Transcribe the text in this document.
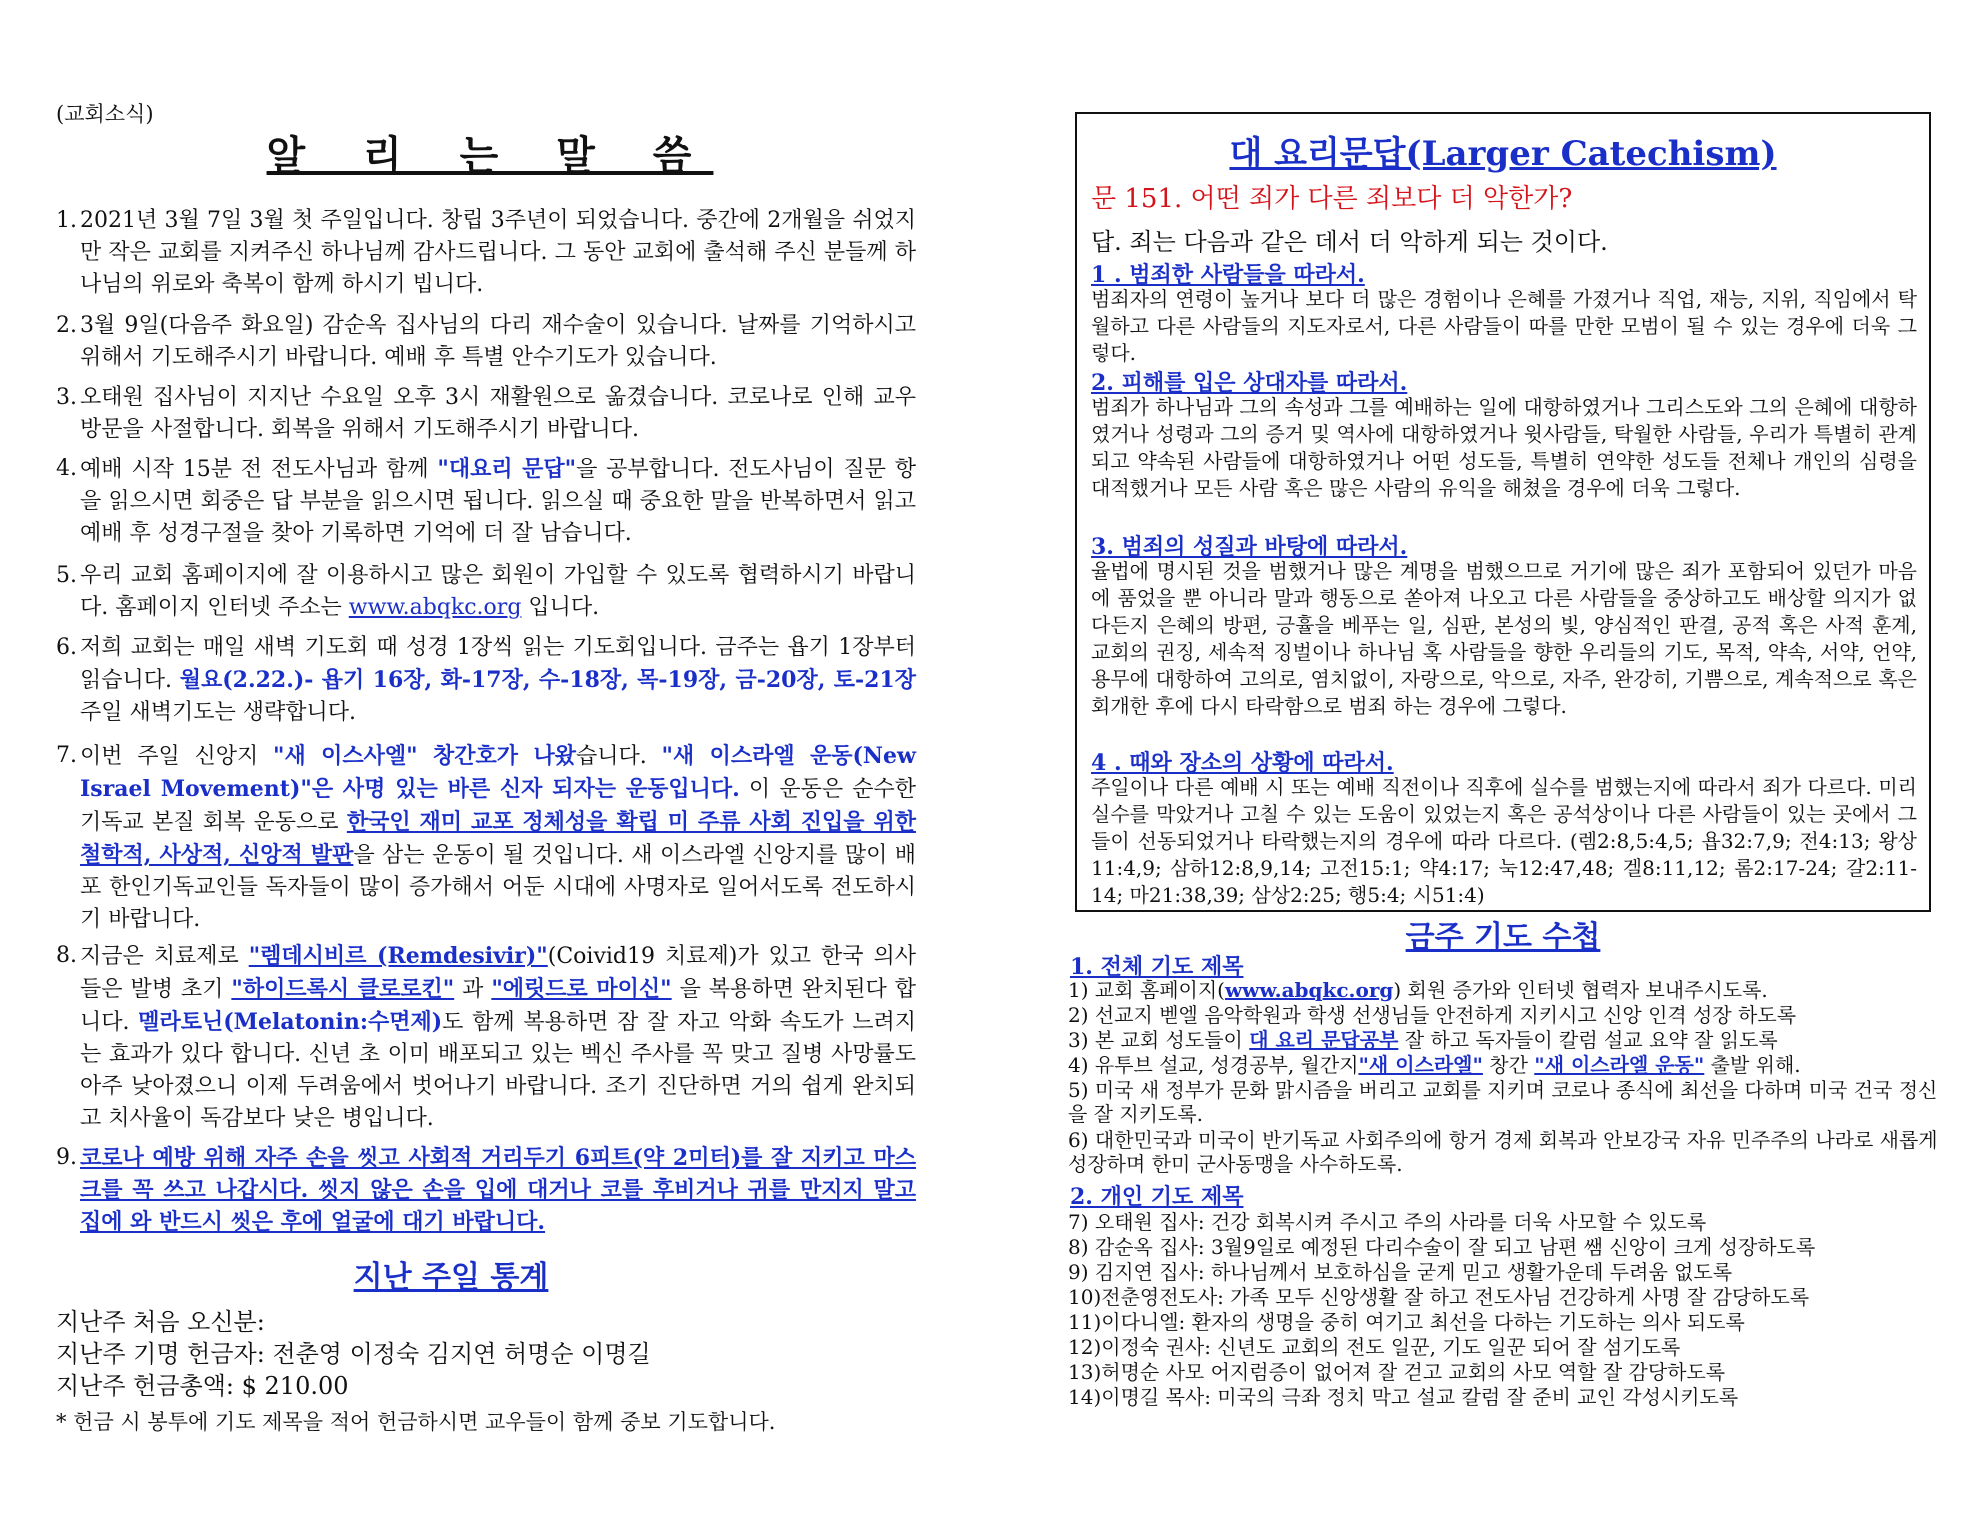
(교회소식)
알 리 는 말 씀
1. 2021년 3월 7일 3월 첫 주일입니다. 창립 3주년이 되었습니다. 중간에 2개월을 쉬었지만 작은 교회를 지켜주신 하나님께 감사드립니다. 그 동안 교회에 출석해 주신 분들께 하나님의 위로와 축복이 함께 하시기 빕니다.
2. 3월 9일(다음주 화요일) 감순옥 집사님의 다리 재수술이 있습니다. 날짜를 기억하시고 위해서 기도해주시기 바랍니다. 예배 후 특별 안수기도가 있습니다.
3. 오태원 집사님이 지지난 수요일 오후 3시 재활원으로 옮겼습니다. 코로나로 인해 교우 방문을 사절합니다. 회복을 위해서 기도해주시기 바랍니다.
4. 예배 시작 15분 전 전도사님과 함께 "대요리 문답"을 공부합니다. 전도사님이 질문 항을 읽으시면 회중은 답 부분을 읽으시면 됩니다. 읽으실 때 중요한 말을 반복하면서 읽고 예배 후 성경구절을 찾아 기록하면 기억에 더 잘 남습니다.
5. 우리 교회 홈페이지에 잘 이용하시고 많은 회원이 가입할 수 있도록 협력하시기 바랍니다. 홈페이지 인터넷 주소는 www.abqkc.org 입니다.
6. 저희 교회는 매일 새벽 기도회 때 성경 1장씩 읽는 기도회입니다. 금주는 욥기 1장부터 읽습니다. 월요(2.22.)- 욥기 16장, 화-17장, 수-18장, 목-19장, 금-20장, 토-21장 주일 새벽기도는 생략합니다.
7. 이번 주일 신앙지 "새 이스사엘" 창간호가 나왔습니다. "새 이스라엘 운동(New Israel Movement)"은 사명 있는 바른 신자 되자는 운동입니다. 이 운동은 순수한 기독교 본질 회복 운동으로 한국인 재미 교포 정체성을 확립 미 주류 사회 진입을 위한 철학적, 사상적, 신앙적 발판을 삼는 운동이 될 것입니다. 새 이스라엘 신앙지를 많이 배포 한인기독교인들 독자들이 많이 증가해서 어둔 시대에 사명자로 일어서도록 전도하시기 바랍니다.
8. 지금은 치료제로 "렘데시비르 (Remdesivir)"(Coivid19 치료제)가 있고 한국 의사들은 발병 초기 "하이드록시 클로로킨" 과 "에릿드로 마이신" 을 복용하면 완치된다 합니다. 멜라토닌(Melatonin:수면제)도 함께 복용하면 잠 잘 자고 악화 속도가 느려지는 효과가 있다 합니다. 신년 초 이미 배포되고 있는 벡신 주사를 꼭 맞고 질병 사망률도 아주 낮아졌으니 이제 두려움에서 벗어나기 바랍니다. 조기 진단하면 거의 쉽게 완치되고 치사율이 독감보다 낮은 병입니다.
9. 코로나 예방 위해 자주 손을 씻고 사회적 거리두기 6피트(약 2미터)를 잘 지키고 마스크를 꼭 쓰고 나갑시다. 씻지 않은 손을 입에 대거나 코를 후비거나 귀를 만지지 말고 집에 와 반드시 씻은 후에 얼굴에 대기 바랍니다.
지난 주일 통계
지난주 처음 오신분:
지난주 기명 헌금자: 전춘영 이정숙 김지연 허명순 이명길
지난주 헌금총액: $ 210.00
* 헌금 시 봉투에 기도 제목을 적어 헌금하시면 교우들이 함께 중보 기도합니다.
대 요리문답(Larger Catechism)
문 151. 어떤 죄가 다른 죄보다 더 악한가?
답. 죄는 다음과 같은 데서 더 악하게 되는 것이다.
1 . 범죄한 사람들을 따라서.
범죄자의 연령이 높거나 보다 더 많은 경험이나 은혜를 가졌거나 직업, 재능, 지위, 직임에서 탁월하고 다른 사람들의 지도자로서, 다른 사람들이 따를 만한 모범이 될 수 있는 경우에 더욱 그렇다.
2. 피해를 입은 상대자를 따라서.
범죄가 하나님과 그의 속성과 그를 예배하는 일에 대항하였거나 그리스도와 그의 은혜에 대항하였거나 성령과 그의 증거 및 역사에 대항하였거나 윗사람들, 탁월한 사람들, 우리가 특별히 관계되고 약속된 사람들에 대항하였거나 어떤 성도들, 특별히 연약한 성도들 전체나 개인의 심령을 대적했거나 모든 사람 혹은 많은 사람의 유익을 해쳤을 경우에 더욱 그렇다.
3. 범죄의 성질과 바탕에 따라서.
율법에 명시된 것을 범했거나 많은 계명을 범했으므로 거기에 많은 죄가 포함되어 있던가 마음에 품었을 뿐 아니라 말과 행동으로 쏟아져 나오고 다른 사람들을 중상하고도 배상할 의지가 없다든지 은혜의 방편, 긍휼을 베푸는 일, 심판, 본성의 빛, 양심적인 판결, 공적 혹은 사적 훈계, 교회의 권징, 세속적 징벌이나 하나님 혹 사람들을 향한 우리들의 기도, 목적, 약속, 서약, 언약, 용무에 대항하여 고의로, 염치없이, 자랑으로, 악으로, 자주, 완강히, 기쁨으로, 계속적으로 혹은 회개한 후에 다시 타락함으로 범죄 하는 경우에 그렇다.
4 . 때와 장소의 상황에 따라서.
주일이나 다른 예배 시 또는 예배 직전이나 직후에 실수를 범했는지에 따라서 죄가 다르다. 미리 실수를 막았거나 고칠 수 있는 도움이 있었는지 혹은 공석상이나 다른 사람들이 있는 곳에서 그들이 선동되었거나 타락했는지의 경우에 따라 다르다. (렘2:8,5:4,5; 욥32:7,9; 전4:13; 왕상11:4,9; 삼하12:8,9,14; 고전15:1; 약4:17; 눅12:47,48; 겔8:11,12; 롬2:17-24; 갈2:11-14; 마21:38,39; 삼상2:25; 행5:4; 시51:4)
금주 기도 수첩
1. 전체 기도 제목
1) 교회 홈페이지(www.abqkc.org) 회원 증가와 인터넷 협력자 보내주시도록.
2) 선교지 벧엘 음악학원과 학생 선생님들 안전하게 지키시고 신앙 인격 성장 하도록
3) 본 교회 성도들이 대 요리 문답공부 잘 하고 독자들이 칼럼 설교 요약 잘 읽도록
4) 유투브 설교, 성경공부, 월간지"새 이스라엘" 창간 "새 이스라엘 운동" 출발 위해.
5) 미국 새 정부가 문화 맑시즘을 버리고 교회를 지키며 코로나 종식에 최선을 다하며 미국 건국 정신을 잘 지키도록.
6) 대한민국과 미국이 반기독교 사회주의에 항거 경제 회복과 안보강국 자유 민주주의 나라로 새롭게 성장하며 한미 군사동맹을 사수하도록.
2. 개인 기도 제목
7) 오태원 집사: 건강 회복시켜 주시고 주의 사라를 더욱 사모할 수 있도록
8) 감순옥 집사: 3월9일로 예정된 다리수술이 잘 되고 남편 쌤 신앙이 크게 성장하도록
9) 김지연 집사: 하나님께서 보호하심을 굳게 믿고 생활가운데 두려움 없도록
10)전춘영전도사: 가족 모두 신앙생활 잘 하고 전도사님 건강하게 사명 잘 감당하도록
11)이다니엘: 환자의 생명을 중히 여기고 최선을 다하는 기도하는 의사 되도록
12)이정숙 권사: 신년도 교회의 전도 일꾼, 기도 일꾼 되어 잘 섬기도록
13)허명순 사모 어지럼증이 없어져 잘 걷고 교회의 사모 역할 잘 감당하도록
14)이명길 목사: 미국의 극좌 정치 막고 설교 칼럼 잘 준비 교인 각성시키도록
